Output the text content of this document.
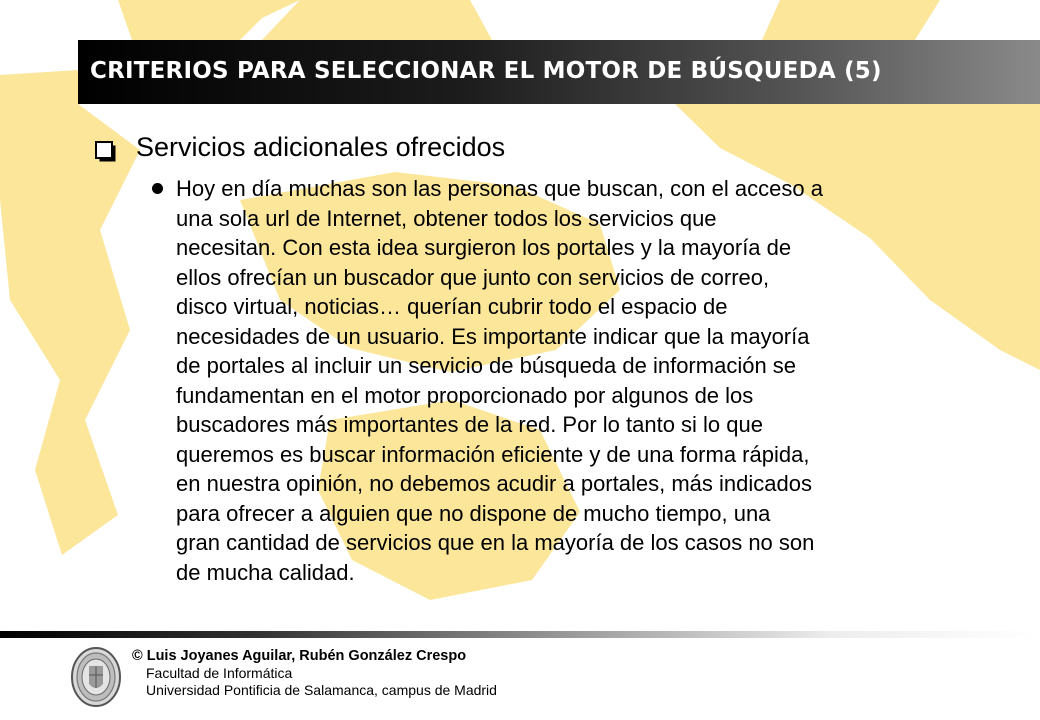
CRITERIOS PARA SELECCIONAR EL MOTOR DE BÚSQUEDA (5)
Servicios adicionales ofrecidos

Hoy en día muchas son las personas que buscan, con el acceso a
una sola url de Internet, obtener todos los servicios que
necesitan. Con esta idea surgieron los portales y la mayoría de
ellos ofrecían un buscador que junto con servicios de correo,
disco virtual, noticias… querían cubrir todo el espacio de
necesidades de un usuario. Es importante indicar que la mayoría
de portales al incluir un servicio de búsqueda de información se
fundamentan en el motor proporcionado por algunos de los
buscadores más importantes de la red. Por lo tanto si lo que
queremos es buscar información eficiente y de una forma rápida,
en nuestra opinión, no debemos acudir a portales, más indicados
para ofrecer a alguien que no dispone de mucho tiempo, una
gran cantidad de servicios que en la mayoría de los casos no son
de mucha calidad.

© Luis Joyanes Aguilar, Rubén González Crespo
Facultad de Informática
Universidad Pontificia de Salamanca, campus de Madrid
